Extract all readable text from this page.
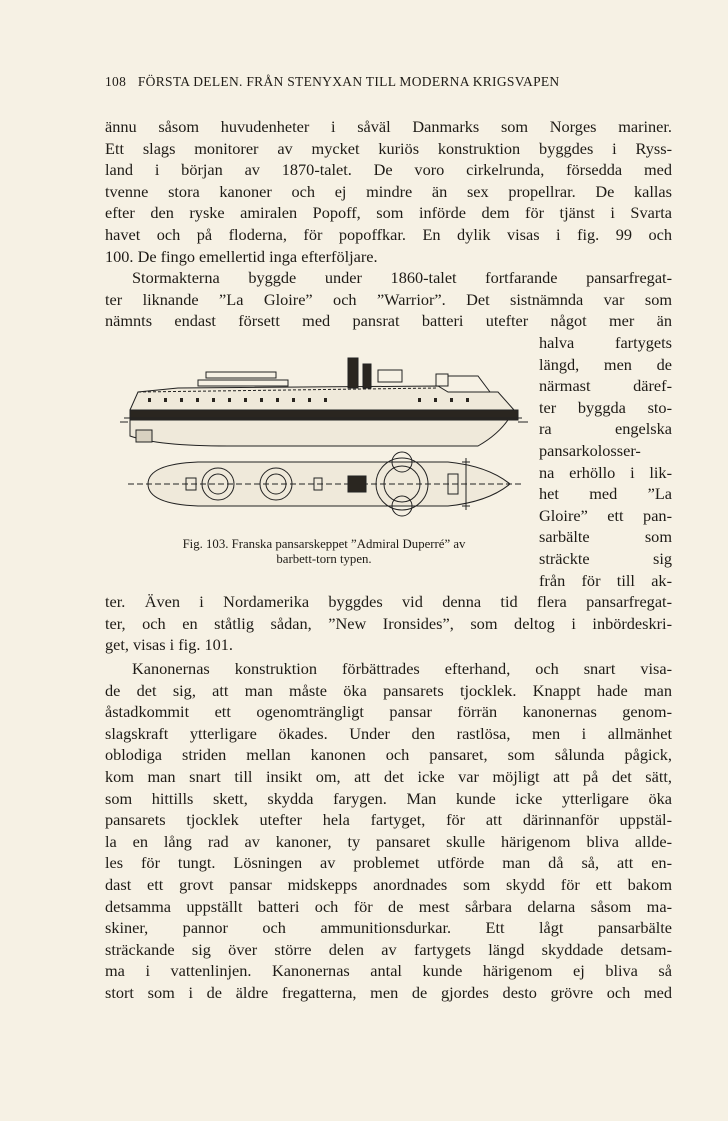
108 FÖRSTA DELEN. FRÅN STENYXAN TILL MODERNA KRIGSVAPEN
ännu såsom huvudenheter i såväl Danmarks som Norges mariner.
Ett slags monitorer av mycket kuriös konstruktion byggdes i Ryss-
land i början av 1870-talet. De voro cirkelrunda, försedda med
tvenne stora kanoner och ej mindre än sex propellrar. De kallas
efter den ryske amiralen Popoff, som införde dem för tjänst i Svarta
havet och på floderna, för popoffkar. En dylik visas i fig. 99 och
100. De fingo emellertid inga efterföljare.
Stormakterna byggde under 1860-talet fortfarande pansarfregat-
ter liknande ”La Gloire” och ”Warrior”. Det sistnämnda var som
nämnts endast försett med pansrat batteri utefter något mer än
halva fartygets
längd, men de
närmast däref-
ter byggda sto-
ra engelska
pansarkolosser-
na erhöllo i lik-
het med ”La
Gloire” ett pan-
sarbälte som
sträckte sig
från för till ak-
Fig. 103. Franska pansarskeppet ”Admiral Duperré” av
barbett-torn typen.
ter. Även i Nordamerika byggdes vid denna tid flera pansarfregat-
ter, och en ståtlig sådan, ”New Ironsides”, som deltog i inbördeskri-
get, visas i fig. 101.
Kanonernas konstruktion förbättrades efterhand, och snart visa-
de det sig, att man måste öka pansarets tjocklek. Knappt hade man
åstadkommit ett ogenomträngligt pansar förrän kanonernas genom-
slagskraft ytterligare ökades. Under den rastlösa, men i allmänhet
oblodiga striden mellan kanonen och pansaret, som sålunda pågick,
kom man snart till insikt om, att det icke var möjligt att på det sätt,
som hittills skett, skydda farygen. Man kunde icke ytterligare öka
pansarets tjocklek utefter hela fartyget, för att därinnanför uppstäl-
la en lång rad av kanoner, ty pansaret skulle härigenom bliva allde-
les för tungt. Lösningen av problemet utförde man då så, att en-
dast ett grovt pansar midskepps anordnades som skydd för ett bakom
detsamma uppställt batteri och för de mest sårbara delarna såsom ma-
skiner, pannor och ammunitionsdurkar. Ett lågt pansarbälte
sträckande sig över större delen av fartygets längd skyddade detsam-
ma i vattenlinjen. Kanonernas antal kunde härigenom ej bliva så
stort som i de äldre fregatterna, men de gjordes desto grövre och med
